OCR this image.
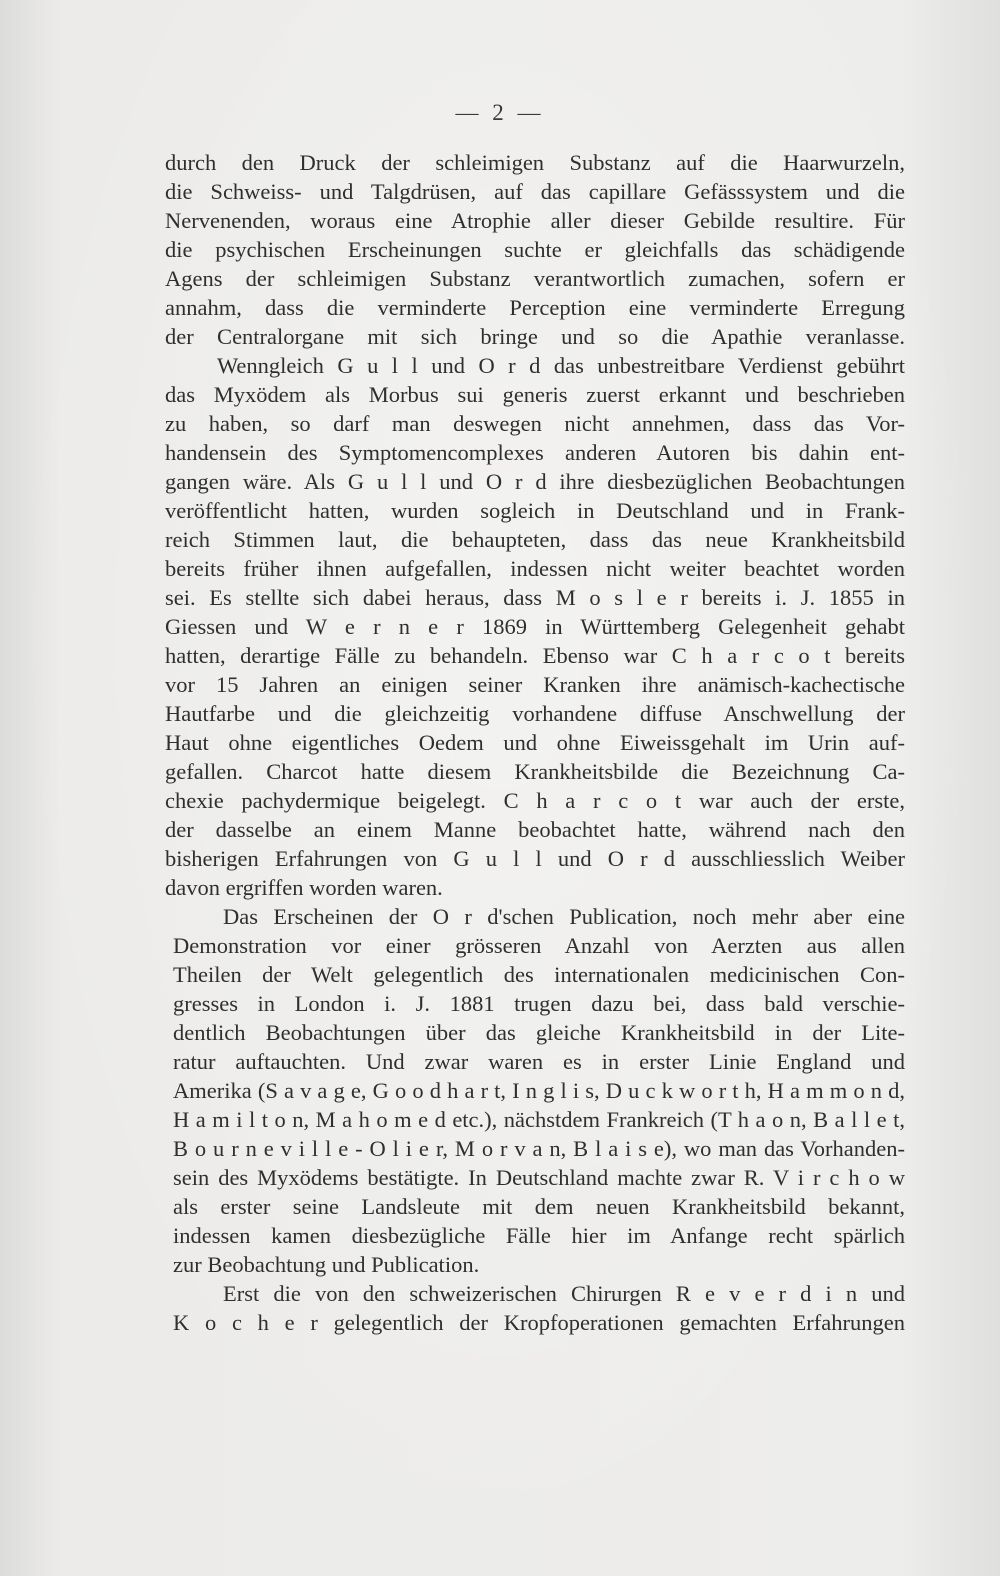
— 2 —
durch den Druck der schleimigen Substanz auf die Haarwurzeln,
die Schweiss- und Talgdrüsen, auf das capillare Gefässsystem und die
Nervenenden, woraus eine Atrophie aller dieser Gebilde resultire. Für
die psychischen Erscheinungen suchte er gleichfalls das schädigende
Agens der schleimigen Substanz verantwortlich zumachen, sofern er
annahm, dass die verminderte Perception eine verminderte Erregung
der Centralorgane mit sich bringe und so die Apathie veranlasse.
Wenngleich G u l l und O r d das unbestreitbare Verdienst gebührt
das Myxödem als Morbus sui generis zuerst erkannt und beschrieben
zu haben, so darf man deswegen nicht annehmen, dass das Vor-
handensein des Symptomencomplexes anderen Autoren bis dahin ent-
gangen wäre. Als G u l l und O r d ihre diesbezüglichen Beobachtungen
veröffentlicht hatten, wurden sogleich in Deutschland und in Frank-
reich Stimmen laut, die behaupteten, dass das neue Krankheitsbild
bereits früher ihnen aufgefallen, indessen nicht weiter beachtet worden
sei. Es stellte sich dabei heraus, dass M o s l e r bereits i. J. 1855 in
Giessen und W e r n e r 1869 in Württemberg Gelegenheit gehabt
hatten, derartige Fälle zu behandeln. Ebenso war C h a r c o t bereits
vor 15 Jahren an einigen seiner Kranken ihre anämisch-kachectische
Hautfarbe und die gleichzeitig vorhandene diffuse Anschwellung der
Haut ohne eigentliches Oedem und ohne Eiweissgehalt im Urin auf-
gefallen. Charcot hatte diesem Krankheitsbilde die Bezeichnung Ca-
chexie pachydermique beigelegt. C h a r c o t war auch der erste,
der dasselbe an einem Manne beobachtet hatte, während nach den
bisherigen Erfahrungen von G u l l und O r d ausschliesslich Weiber
davon ergriffen worden waren.
Das Erscheinen der O r d'schen Publication, noch mehr aber eine
Demonstration vor einer grösseren Anzahl von Aerzten aus allen
Theilen der Welt gelegentlich des internationalen medicinischen Con-
gresses in London i. J. 1881 trugen dazu bei, dass bald verschie-
dentlich Beobachtungen über das gleiche Krankheitsbild in der Lite-
ratur auftauchten. Und zwar waren es in erster Linie England und
Amerika (S a v a g e, G o o d h a r t, I n g l i s, D u c k w o r t h, H a m m o n d,
H a m i l t o n, M a h o m e d etc.), nächstdem Frankreich (T h a o n, B a l l e t,
B o u r n e v i l l e - O l i e r, M o r v a n, B l a i s e), wo man das Vorhanden-
sein des Myxödems bestätigte. In Deutschland machte zwar R. V i r c h o w
als erster seine Landsleute mit dem neuen Krankheitsbild bekannt,
indessen kamen diesbezügliche Fälle hier im Anfange recht spärlich
zur Beobachtung und Publication.
Erst die von den schweizerischen Chirurgen R e v e r d i n und
K o c h e r gelegentlich der Kropfoperationen gemachten Erfahrungen
